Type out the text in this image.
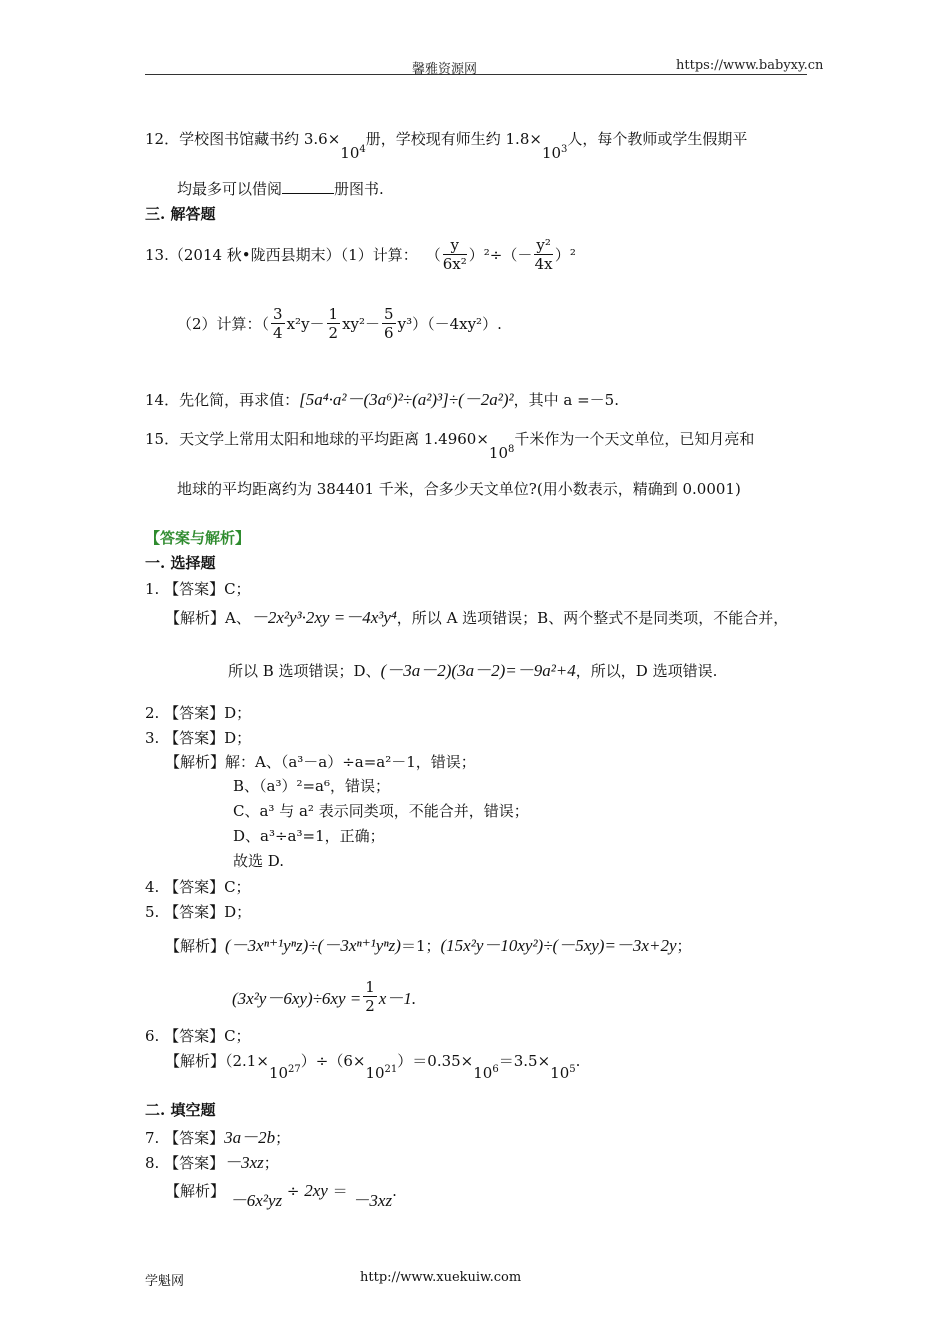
馨雅资源网	https://www.babyxy.cn
12．学校图书馆藏书约 $3.6\times 10^4$册，学校现有师生约 $1.8\times 10^3$人，每个教师或学生假期平
均最多可以借阅	册图书.
三. 解答题
13.（2014 秋•陇西县期末）（1）计算： （ $\frac{y}{\text{6x²}} )^2\div(- \frac{\text{y²}}{4x} )^2$
（2）计算：（ $\frac{3}{4} x^2y- \frac{1}{2} xy^2- \frac{5}{6} y^3)(-4xy^2)$.
14．先化简，再求值：[5a⁴·a²－(3a⁶)²÷(a²)³]÷(－2a²)²，其中 a =－5.
15．天文学上常用太阳和地球的平均距离 $1.4960\times 10^8$千米作为一个天文单位，已知月亮和
地球的平均距离约为 384401 千米，合多少天文单位?(用小数表示，精确到 0.0001)
【答案与解析】
一. 选择题
1. 【答案】C；
【解析】A、－2x²y³·2xy =－4x³y⁴，所以 A 选项错误；B、两个整式不是同类项，不能合并，
所以 B 选项错误；D、(－3a－2)(3a－2)=－9a²+4，所以，D 选项错误.
2. 【答案】D；
3. 【答案】D；
【解析】解：A、（a³－a）÷a=a²－1，错误；
B、（a³）²=a⁶，错误；
C、a³ 与 a² 表示同类项，不能合并，错误；
D、a³÷a³=1，正确；
故选 D.
4. 【答案】C；
5. 【答案】D；
【解析】(－3xⁿ⁺¹yⁿz)÷(－3xⁿ⁺¹yⁿz)＝1；(15x²y－10xy²)÷(－5xy)=－3x+2y；
$(3x^2y-6xy)\div 6xy = \frac{1}{2} x-1$.
6. 【答案】C；
【解析】$(2.1\times 10^{27})\div(6\times 10^{21})=0.35\times 10^6=3.5\times 10^5$.
二. 填空题
7. 【答案】3a－2b；
8. 【答案】－3xz；
【解析】 －6x²yz ÷ 2xy ＝ －3xz.
学魁网	http://www.xuekuiw.com
